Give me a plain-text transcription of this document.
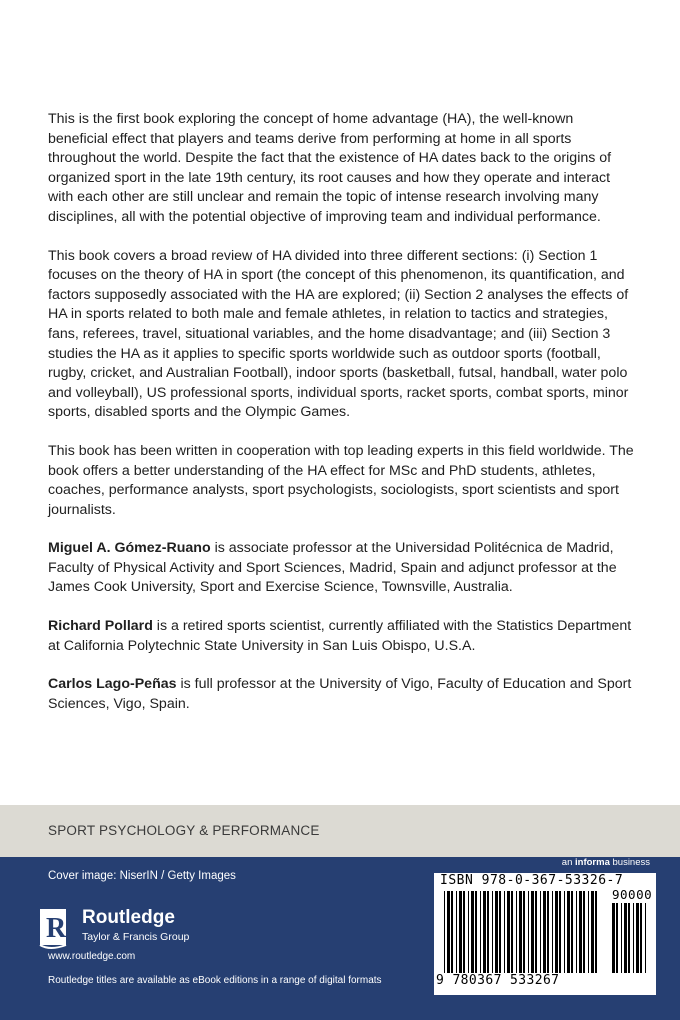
This is the first book exploring the concept of home advantage (HA), the well-known beneficial effect that players and teams derive from performing at home in all sports throughout the world. Despite the fact that the existence of HA dates back to the origins of organized sport in the late 19th century, its root causes and how they operate and interact with each other are still unclear and remain the topic of intense research involving many disciplines, all with the potential objective of improving team and individual performance.

This book covers a broad review of HA divided into three different sections: (i) Section 1 focuses on the theory of HA in sport (the concept of this phenomenon, its quantification, and factors supposedly associated with the HA are explored; (ii) Section 2 analyses the effects of HA in sports related to both male and female athletes, in relation to tactics and strategies, fans, referees, travel, situational variables, and the home disadvantage; and (iii) Section 3 studies the HA as it applies to specific sports worldwide such as outdoor sports (football, rugby, cricket, and Australian Football), indoor sports (basketball, futsal, handball, water polo and volleyball), US professional sports, individual sports, racket sports, combat sports, minor sports, disabled sports and the Olympic Games.

This book has been written in cooperation with top leading experts in this field worldwide. The book offers a better understanding of the HA effect for MSc and PhD students, athletes, coaches, performance analysts, sport psychologists, sociologists, sport scientists and sport journalists.

Miguel A. Gómez-Ruano is associate professor at the Universidad Politécnica de Madrid, Faculty of Physical Activity and Sport Sciences, Madrid, Spain and adjunct professor at the James Cook University, Sport and Exercise Science, Townsville, Australia.

Richard Pollard is a retired sports scientist, currently affiliated with the Statistics Department at California Polytechnic State University in San Luis Obispo, U.S.A.

Carlos Lago-Peñas is full professor at the University of Vigo, Faculty of Education and Sport Sciences, Vigo, Spain.

SPORT PSYCHOLOGY & PERFORMANCE
Cover image: NiserIN / Getty Images
an informa business
R Routledge
Taylor & Francis Group
www.routledge.com
Routledge titles are available as eBook editions in a range of digital formats
ISBN 978-0-367-53326-7
90000
9 780367 533267
